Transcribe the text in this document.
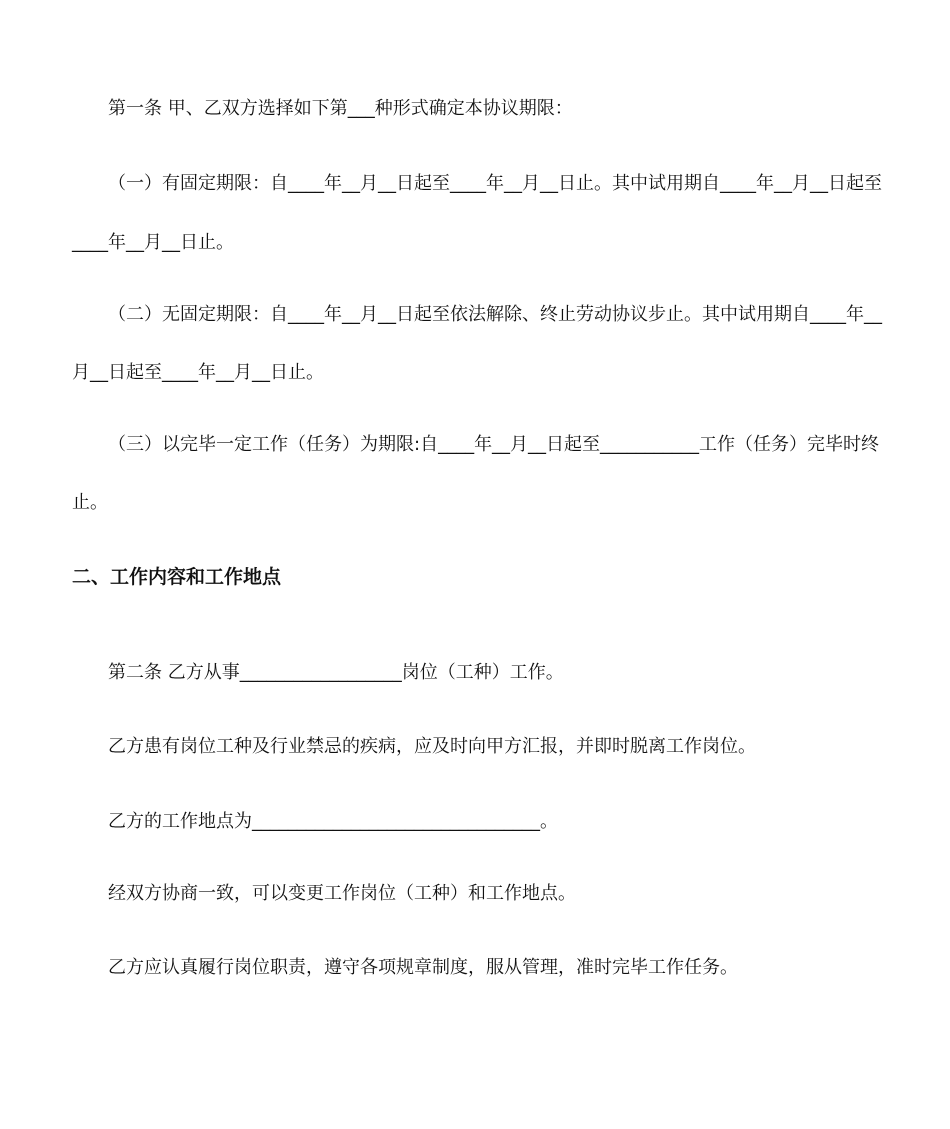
第一条 甲、乙双方选择如下第___种形式确定本协议期限：
（一）有固定期限：自____年__月__日起至____年__月__日止。其中试用期自____年__月__日起至
____年__月__日止。
（二）无固定期限：自____年__月__日起至依法解除、终止劳动协议步止。其中试用期自____年__
月__日起至____年__月__日止。
（三）以完毕一定工作（任务）为期限:自____年__月__日起至___________工作（任务）完毕时终
止。
二、工作内容和工作地点
第二条 乙方从事__________________岗位（工种）工作。
乙方患有岗位工种及行业禁忌的疾病，应及时向甲方汇报，并即时脱离工作岗位。
乙方的工作地点为________________________________。
经双方协商一致，可以变更工作岗位（工种）和工作地点。
乙方应认真履行岗位职责，遵守各项规章制度，服从管理，准时完毕工作任务。
